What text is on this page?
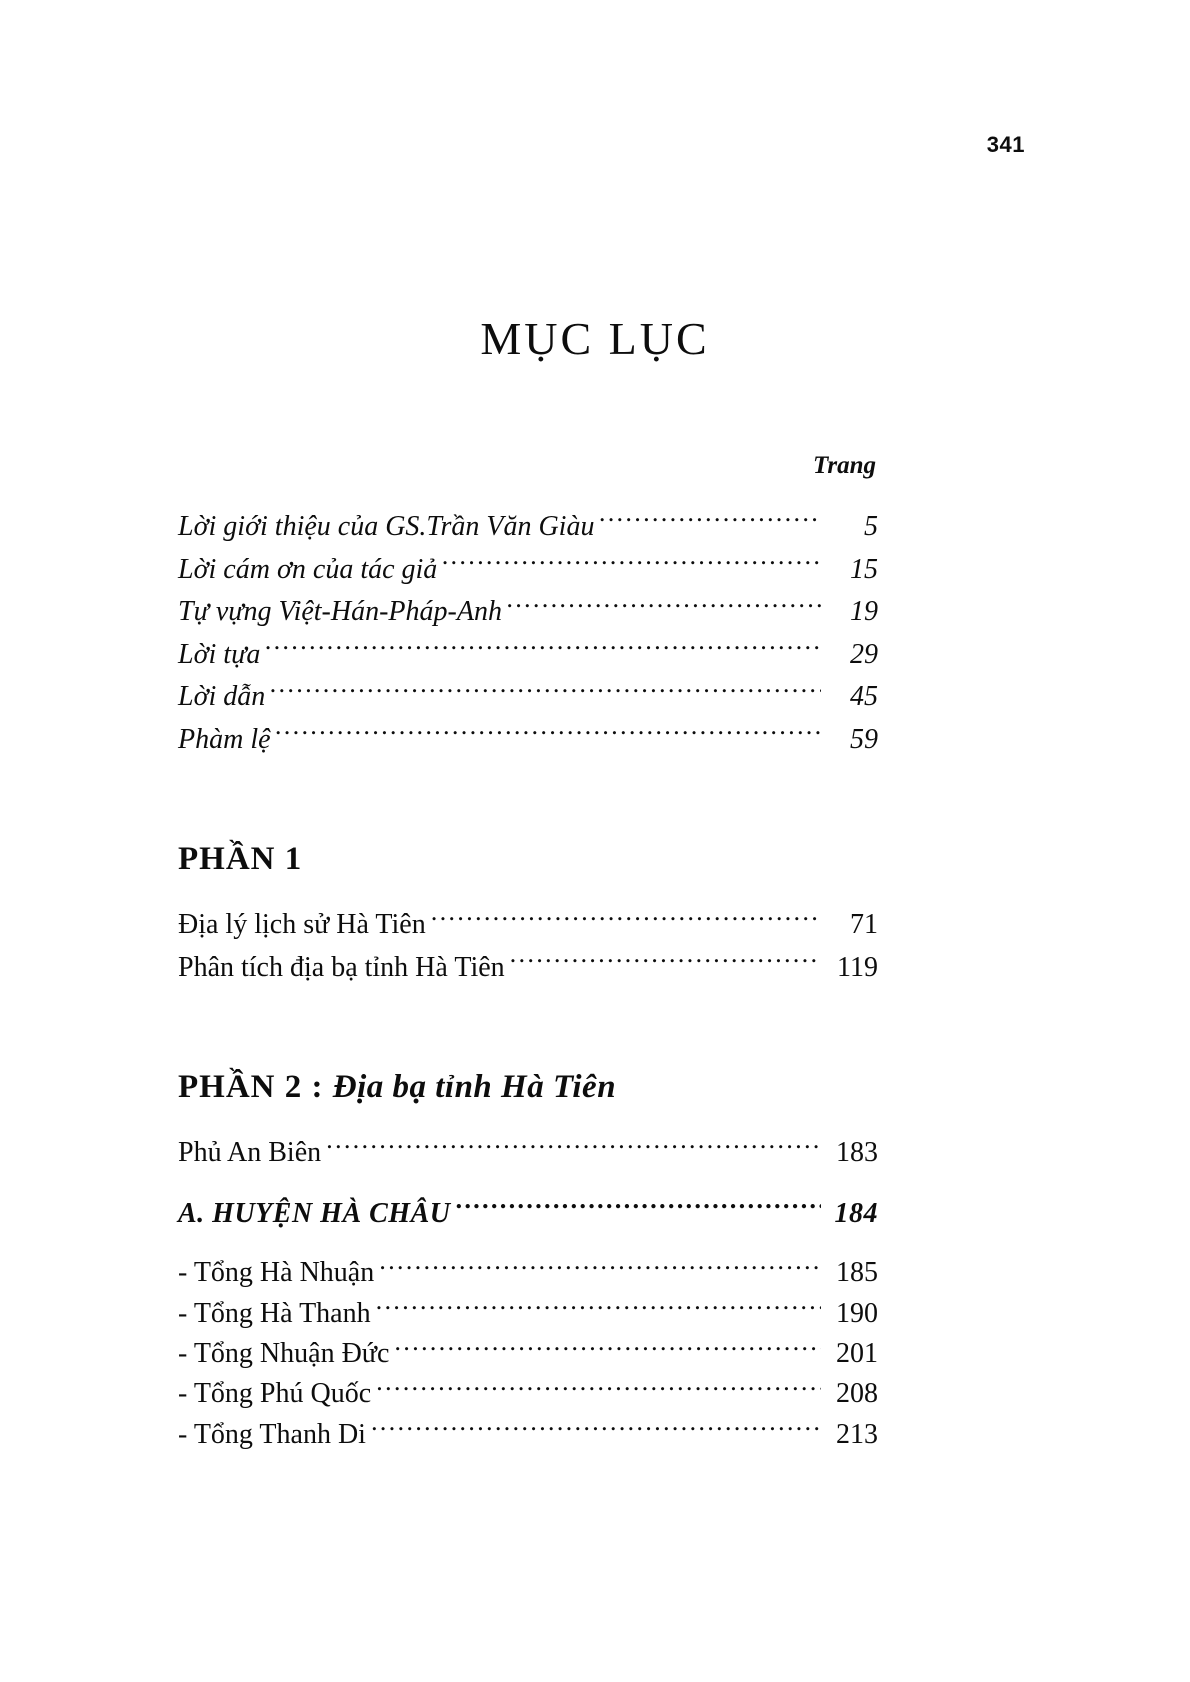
341
MỤC LỤC
Trang
Lời giới thiệu của GS.Trần Văn Giàu .....	5
Lời cám ơn của tác giả .....	15
Tự vựng Việt-Hán-Pháp-Anh .....	19
Lời tựa .....	29
Lời dẫn .....	45
Phàm lệ .....	59
PHẦN 1
Địa lý lịch sử Hà Tiên .....	71
Phân tích địa bạ tỉnh Hà Tiên .....	119
PHẦN 2 : Địa bạ tỉnh Hà Tiên
Phủ An Biên .....	183
A. HUYỆN HÀ CHÂU .....	184
- Tổng Hà Nhuận .....	185
- Tổng Hà Thanh .....	190
- Tổng Nhuận Đức .....	201
- Tổng Phú Quốc .....	208
- Tổng Thanh Di .....	213
